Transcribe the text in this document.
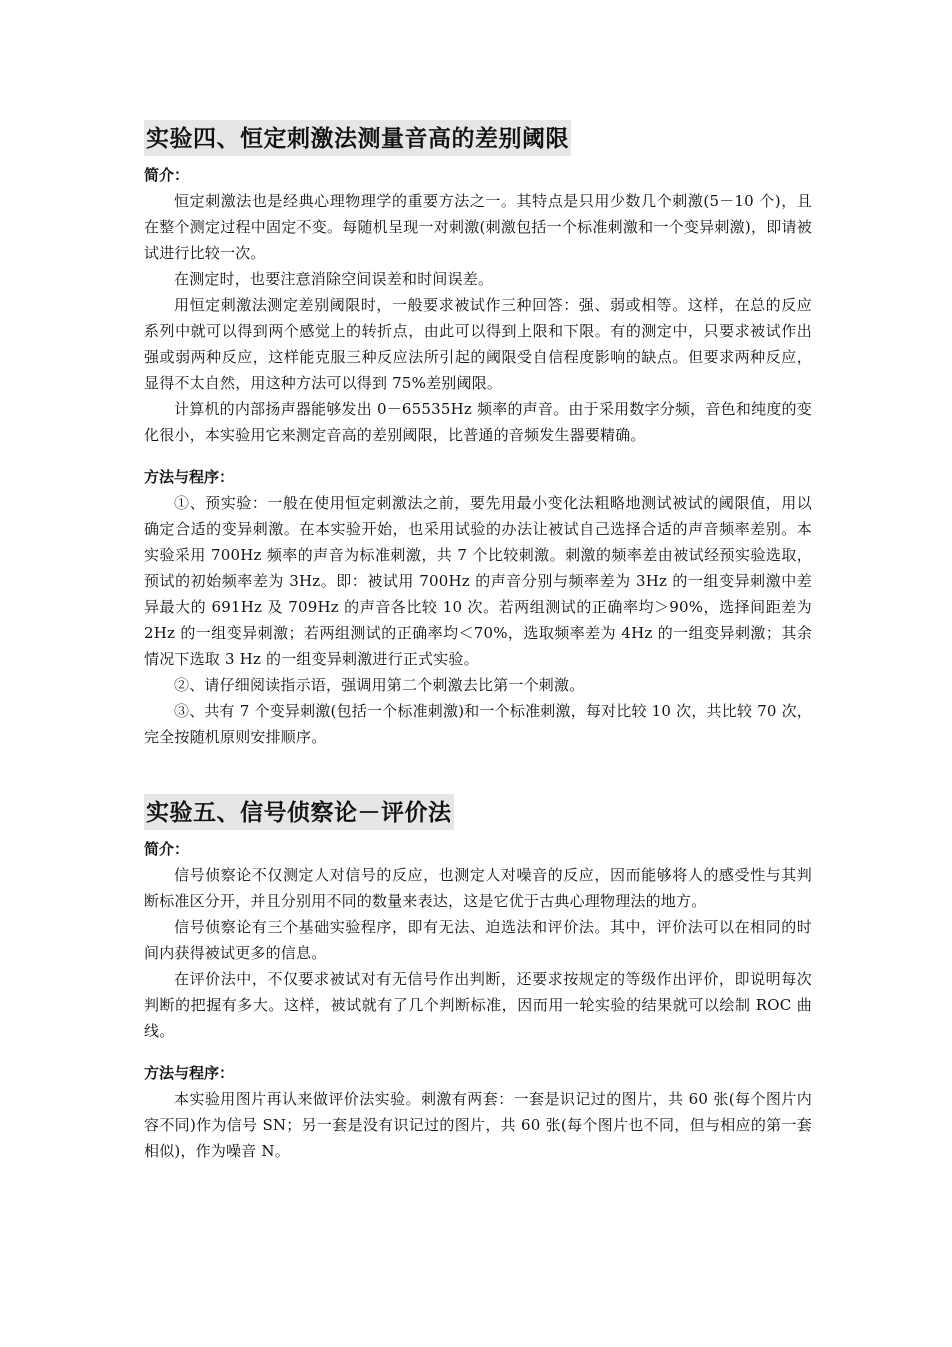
实验四、恒定刺激法测量音高的差别阈限

简介：

恒定刺激法也是经典心理物理学的重要方法之一。其特点是只用少数几个刺激(5－10 个)，且在整个测定过程中固定不变。每随机呈现一对刺激(刺激包括一个标准刺激和一个变异刺激)，即请被试进行比较一次。

在测定时，也要注意消除空间误差和时间误差。

用恒定刺激法测定差别阈限时，一般要求被试作三种回答：强、弱或相等。这样，在总的反应系列中就可以得到两个感觉上的转折点，由此可以得到上限和下限。有的测定中，只要求被试作出强或弱两种反应，这样能克服三种反应法所引起的阈限受自信程度影响的缺点。但要求两种反应，显得不太自然，用这种方法可以得到 75%差别阈限。

计算机的内部扬声器能够发出 0－65535Hz 频率的声音。由于采用数字分频，音色和纯度的变化很小，本实验用它来测定音高的差别阈限，比普通的音频发生器要精确。

方法与程序：

①、预实验：一般在使用恒定刺激法之前，要先用最小变化法粗略地测试被试的阈限值，用以确定合适的变异刺激。在本实验开始，也采用试验的办法让被试自己选择合适的声音频率差别。本实验采用 700Hz 频率的声音为标准刺激，共 7 个比较刺激。刺激的频率差由被试经预实验选取，预试的初始频率差为 3Hz。即：被试用 700Hz 的声音分别与频率差为 3Hz 的一组变异刺激中差异最大的 691Hz 及 709Hz 的声音各比较 10 次。若两组测试的正确率均＞90%，选择间距差为 2Hz 的一组变异刺激；若两组测试的正确率均＜70%，选取频率差为 4Hz 的一组变异刺激；其余情况下选取 3 Hz 的一组变异刺激进行正式实验。

②、请仔细阅读指示语，强调用第二个刺激去比第一个刺激。

③、共有 7 个变异刺激(包括一个标准刺激)和一个标准刺激，每对比较 10 次，共比较 70 次，完全按随机原则安排顺序。

实验五、信号侦察论－评价法

简介：

信号侦察论不仅测定人对信号的反应，也测定人对噪音的反应，因而能够将人的感受性与其判断标准区分开，并且分别用不同的数量来表达，这是它优于古典心理物理法的地方。

信号侦察论有三个基础实验程序，即有无法、迫选法和评价法。其中，评价法可以在相同的时间内获得被试更多的信息。

在评价法中，不仅要求被试对有无信号作出判断，还要求按规定的等级作出评价，即说明每次判断的把握有多大。这样，被试就有了几个判断标准，因而用一轮实验的结果就可以绘制 ROC 曲线。

方法与程序：

本实验用图片再认来做评价法实验。刺激有两套：一套是识记过的图片，共 60 张(每个图片内容不同)作为信号 SN；另一套是没有识记过的图片，共 60 张(每个图片也不同，但与相应的第一套相似)，作为噪音 N。
